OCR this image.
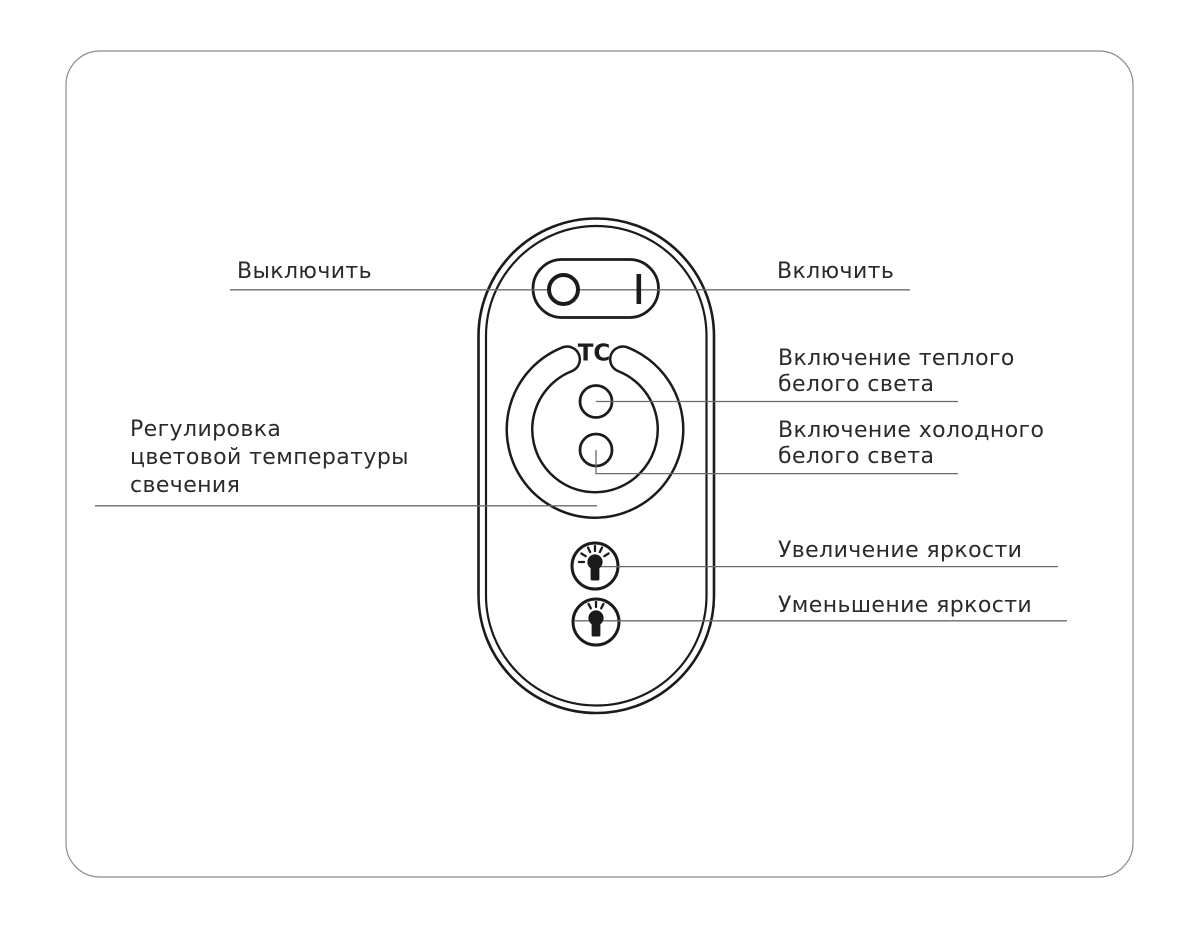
TC
Выключить	Включить
Включение теплого
белого света
Включение холодного
белого света
Регулировка
цветовой температуры
свечения
Увеличение яркости
Уменьшение яркости
